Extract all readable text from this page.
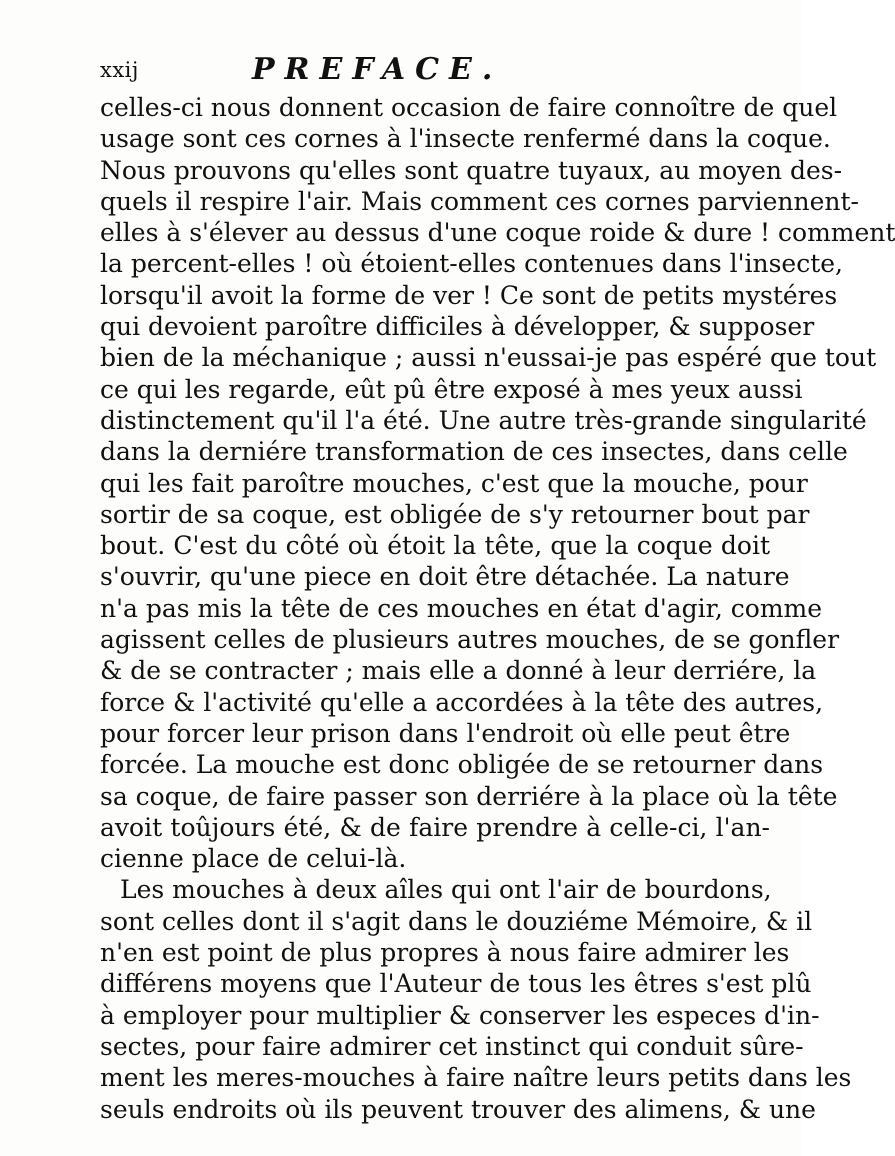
xxij	PREFACE.
celles-ci nous donnent occasion de faire connoître de quel
usage sont ces cornes à l'insecte renfermé dans la coque.
Nous prouvons qu'elles sont quatre tuyaux, au moyen des-
quels il respire l'air. Mais comment ces cornes parviennent-
elles à s'élever au dessus d'une coque roide & dure ! comment
la percent-elles ! où étoient-elles contenues dans l'insecte,
lorsqu'il avoit la forme de ver ! Ce sont de petits mystéres
qui devoient paroître difficiles à développer, & supposer
bien de la méchanique ; aussi n'eussai-je pas espéré que tout
ce qui les regarde, eût pû être exposé à mes yeux aussi
distinctement qu'il l'a été. Une autre très-grande singularité
dans la derniére transformation de ces insectes, dans celle
qui les fait paroître mouches, c'est que la mouche, pour
sortir de sa coque, est obligée de s'y retourner bout par
bout. C'est du côté où étoit la tête, que la coque doit
s'ouvrir, qu'une piece en doit être détachée. La nature
n'a pas mis la tête de ces mouches en état d'agir, comme
agissent celles de plusieurs autres mouches, de se gonfler
& de se contracter ; mais elle a donné à leur derriére, la
force & l'activité qu'elle a accordées à la tête des autres,
pour forcer leur prison dans l'endroit où elle peut être
forcée. La mouche est donc obligée de se retourner dans
sa coque, de faire passer son derriére à la place où la tête
avoit toûjours été, & de faire prendre à celle-ci, l'an-
cienne place de celui-là.
Les mouches à deux aîles qui ont l'air de bourdons,
sont celles dont il s'agit dans le douziéme Mémoire, & il
n'en est point de plus propres à nous faire admirer les
différens moyens que l'Auteur de tous les êtres s'est plû
à employer pour multiplier & conserver les especes d'in-
sectes, pour faire admirer cet instinct qui conduit sûre-
ment les meres-mouches à faire naître leurs petits dans les
seuls endroits où ils peuvent trouver des alimens, & une
